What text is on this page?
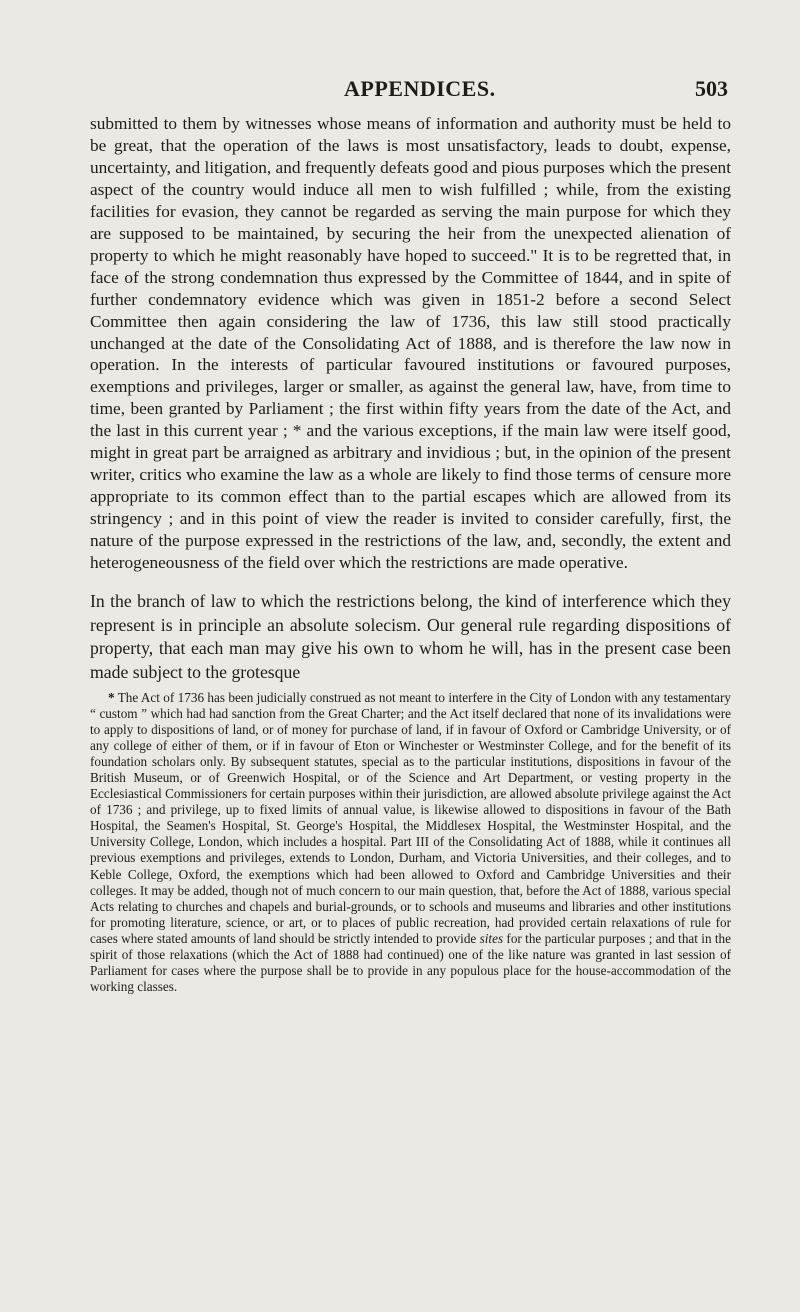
APPENDICES.	503

submitted to them by witnesses whose means of information and authority must be held to be great, that the operation of the laws is most unsatisfactory, leads to doubt, expense, uncertainty, and litigation, and frequently defeats good and pious purposes which the present aspect of the country would induce all men to wish fulfilled ; while, from the existing facilities for evasion, they cannot be regarded as serving the main purpose for which they are supposed to be maintained, by securing the heir from the unexpected alienation of property to which he might reasonably have hoped to succeed." It is to be regretted that, in face of the strong condemnation thus expressed by the Committee of 1844, and in spite of further condemnatory evidence which was given in 1851-2 before a second Select Committee then again considering the law of 1736, this law still stood practically unchanged at the date of the Consolidating Act of 1888, and is therefore the law now in operation. In the interests of particular favoured institutions or favoured purposes, exemptions and privileges, larger or smaller, as against the general law, have, from time to time, been granted by Parliament ; the first within fifty years from the date of the Act, and the last in this current year ; * and the various exceptions, if the main law were itself good, might in great part be arraigned as arbitrary and invidious ; but, in the opinion of the present writer, critics who examine the law as a whole are likely to find those terms of censure more appropriate to its common effect than to the partial escapes which are allowed from its stringency ; and in this point of view the reader is invited to consider carefully, first, the nature of the purpose expressed in the restrictions of the law, and, secondly, the extent and heterogeneousness of the field over which the restrictions are made operative.

In the branch of law to which the restrictions belong, the kind of interference which they represent is in principle an absolute solecism. Our general rule regarding dispositions of property, that each man may give his own to whom he will, has in the present case been made subject to the grotesque

* The Act of 1736 has been judicially construed as not meant to interfere in the City of London with any testamentary “ custom ” which had had sanction from the Great Charter; and the Act itself declared that none of its invalidations were to apply to dispositions of land, or of money for purchase of land, if in favour of Oxford or Cambridge University, or of any college of either of them, or if in favour of Eton or Winchester or Westminster College, and for the benefit of its foundation scholars only. By subsequent statutes, special as to the particular institutions, dispositions in favour of the British Museum, or of Greenwich Hospital, or of the Science and Art Department, or vesting property in the Ecclesiastical Commissioners for certain purposes within their jurisdiction, are allowed absolute privilege against the Act of 1736 ; and privilege, up to fixed limits of annual value, is likewise allowed to dispositions in favour of the Bath Hospital, the Seamen's Hospital, St. George's Hospital, the Middlesex Hospital, the Westminster Hospital, and the University College, London, which includes a hospital. Part III of the Consolidating Act of 1888, while it continues all previous exemptions and privileges, extends to London, Durham, and Victoria Universities, and their colleges, and to Keble College, Oxford, the exemptions which had been allowed to Oxford and Cambridge Universities and their colleges. It may be added, though not of much concern to our main question, that, before the Act of 1888, various special Acts relating to churches and chapels and burial-grounds, or to schools and museums and libraries and other institutions for promoting literature, science, or art, or to places of public recreation, had provided certain relaxations of rule for cases where stated amounts of land should be strictly intended to provide sites for the particular purposes ; and that in the spirit of those relaxations (which the Act of 1888 had continued) one of the like nature was granted in last session of Parliament for cases where the purpose shall be to provide in any populous place for the house-accommodation of the working classes.
